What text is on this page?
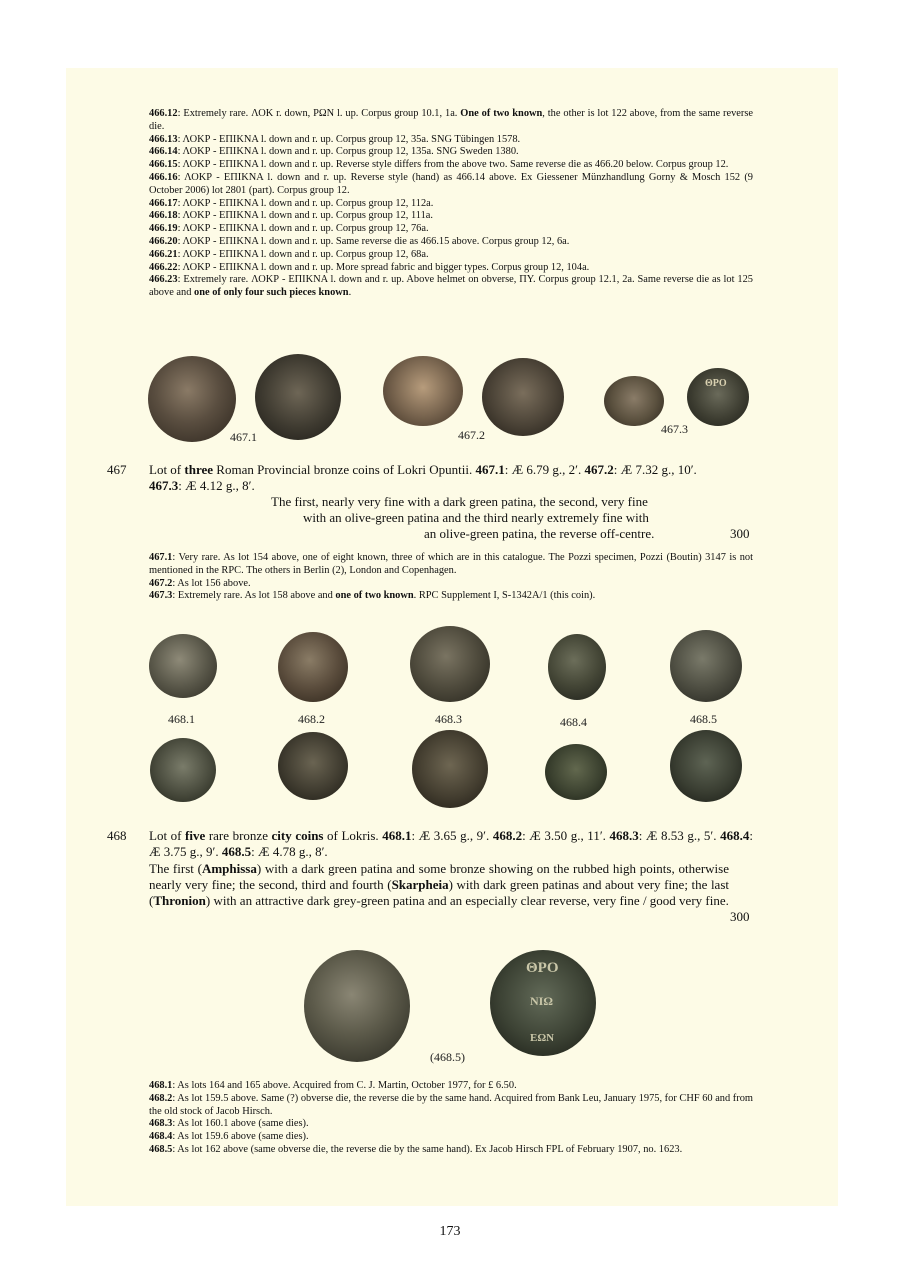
466.12: Extremely rare. ΛΟΚ r. down, ΡΩΝ l. up. Corpus group 10.1, 1a. One of two known, the other is lot 122 above, from the same reverse die.

466.13: ΛΟΚΡ - ΕΠΙΚΝΑ l. down and r. up. Corpus group 12, 35a. SNG Tübingen 1578.

466.14: ΛΟΚΡ - ΕΠΙΚΝΑ l. down and r. up. Corpus group 12, 135a. SNG Sweden 1380.

466.15: ΛΟΚΡ - ΕΠΙΚΝΑ l. down and r. up. Reverse style differs from the above two. Same reverse die as 466.20 below. Corpus group 12.

466.16: ΛΟΚΡ - ΕΠΙΚΝΑ l. down and r. up. Reverse style (hand) as 466.14 above. Ex Giessener Münzhandlung Gorny & Mosch 152 (9 October 2006) lot 2801 (part). Corpus group 12.

466.17: ΛΟΚΡ - ΕΠΙΚΝΑ l. down and r. up. Corpus group 12, 112a.

466.18: ΛΟΚΡ - ΕΠΙΚΝΑ l. down and r. up. Corpus group 12, 111a.

466.19: ΛΟΚΡ - ΕΠΙΚΝΑ l. down and r. up. Corpus group 12, 76a.

466.20: ΛΟΚΡ - ΕΠΙΚΝΑ l. down and r. up. Same reverse die as 466.15 above. Corpus group 12, 6a.

466.21: ΛΟΚΡ - ΕΠΙΚΝΑ l. down and r. up. Corpus group 12, 68a.

466.22: ΛΟΚΡ - ΕΠΙΚΝΑ l. down and r. up. More spread fabric and bigger types. Corpus group 12, 104a.

466.23: Extremely rare. ΛΟΚΡ - ΕΠΙΚΝΑ l. down and r. up. Above helmet on obverse, ΠΥ. Corpus group 12.1, 2a. Same reverse die as lot 125 above and one of only four such pieces known.

467.1	467.2
ΘΡΟ
467.3
467 Lot of three Roman Provincial bronze coins of Lokri Opuntii. 467.1: Æ 6.79 g., 2′. 467.2: Æ 7.32 g., 10′.
467.3: Æ 4.12 g., 8′.
The first, nearly very fine with a dark green patina, the second, very fine
with an olive-green patina and the third nearly extremely fine with
an olive-green patina, the reverse off-centre.	300

467.1: Very rare. As lot 154 above, one of eight known, three of which are in this catalogue. The Pozzi specimen, Pozzi (Boutin) 3147 is not mentioned in the RPC. The others in Berlin (2), London and Copenhagen.

467.2: As lot 156 above.

467.3: Extremely rare. As lot 158 above and one of two known. RPC Supplement I, S-1342A/1 (this coin).

468.1	468.2	468.3	468.4	468.5
468 Lot of five rare bronze city coins of Lokris. 468.1: Æ 3.65 g., 9′. 468.2: Æ 3.50 g., 11′. 468.3: Æ 8.53 g., 5′. 468.4: Æ 3.75 g., 9′. 468.5: Æ 4.78 g., 8′.
The first (Amphissa) with a dark green patina and some bronze showing on the rubbed high points, otherwise nearly very fine; the second, third and fourth (Skarpheia) with dark green patinas and about very fine; the last (Thronion) with an attractive dark grey-green patina and an especially clear reverse, very fine / good very fine.
300
ΘΡΟ
ΝΙΩ
ΕΩΝ
(468.5)

468.1: As lots 164 and 165 above. Acquired from C. J. Martin, October 1977, for £ 6.50.

468.2: As lot 159.5 above. Same (?) obverse die, the reverse die by the same hand. Acquired from Bank Leu, January 1975, for CHF 60 and from the old stock of Jacob Hirsch.

468.3: As lot 160.1 above (same dies).

468.4: As lot 159.6 above (same dies).

468.5: As lot 162 above (same obverse die, the reverse die by the same hand). Ex Jacob Hirsch FPL of February 1907, no. 1623.

173
